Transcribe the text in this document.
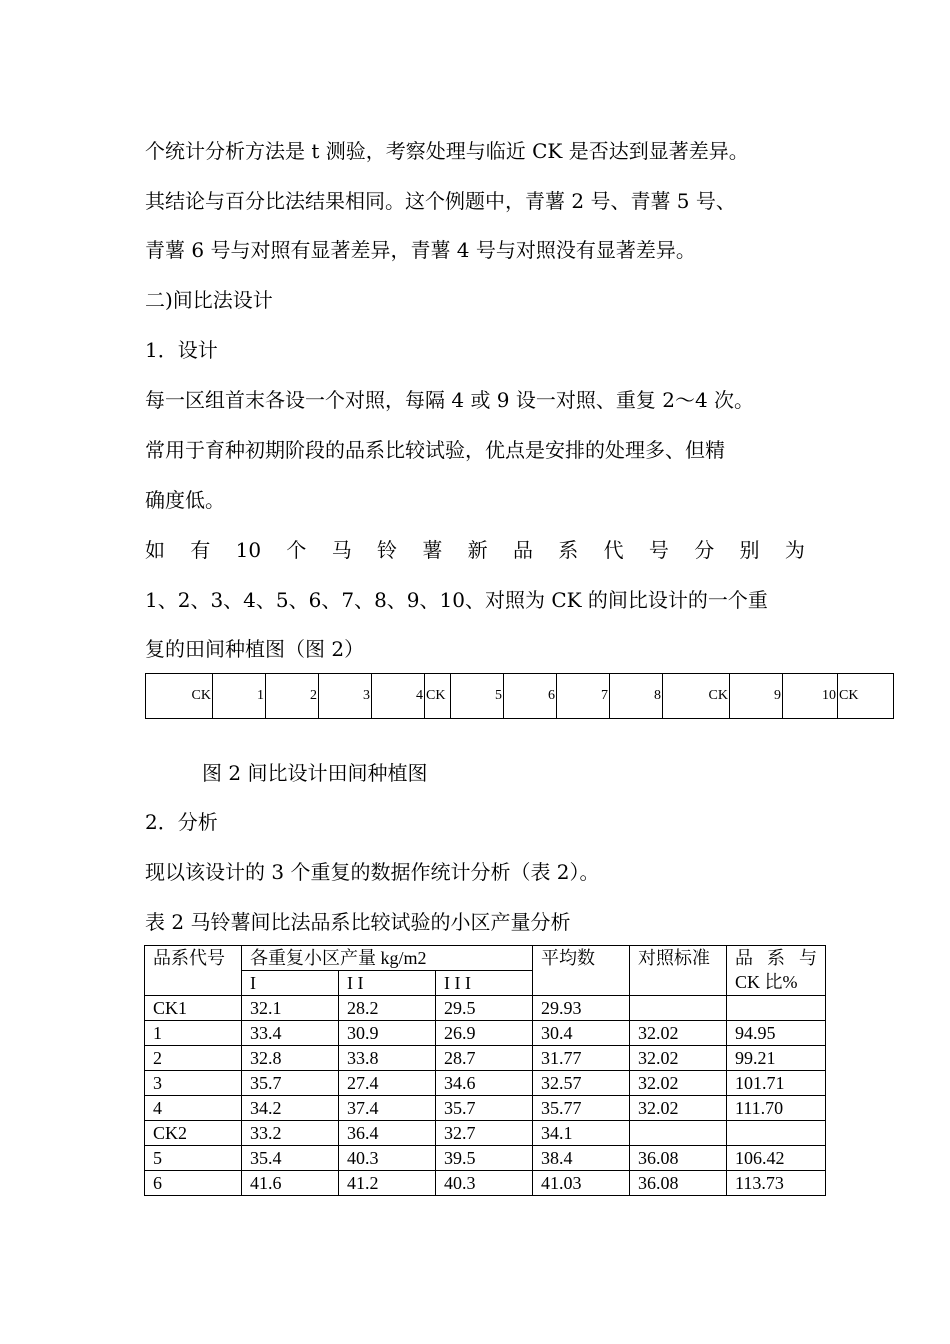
个统计分析方法是 t 测验，考察处理与临近 CK 是否达到显著差异。
其结论与百分比法结果相同。这个例题中，青薯 2 号、青薯 5 号、
青薯 6 号与对照有显著差异，青薯 4 号与对照没有显著差异。
二)间比法设计
1．设计
每一区组首末各设一个对照，每隔 4 或 9 设一对照、重复 2～4 次。
常用于育种初期阶段的品系比较试验，优点是安排的处理多、但精
确度低。
如 有 10 个 马 铃 薯 新 品 系 代 号 分 别 为
1、2、3、4、5、6、7、8、9、10、对照为 CK 的间比设计的一个重
复的田间种植图（图 2）
CK	1	2	3	4	CK	5	6	7	8	CK	9	10	CK
图 2 间比设计田间种植图
2．分析
现以该设计的 3 个重复的数据作统计分析（表 2）。
表 2 马铃薯间比法品系比较试验的小区产量分析
品系代号	各重复小区产量 kg/m2			平均数	对照标准	品 系 与
CK 比%

	I	I I	I I I			
CK1	32.1	28.2	29.5	29.93		
1	33.4	30.9	26.9	30.4	32.02	94.95
2	32.8	33.8	28.7	31.77	32.02	99.21
3	35.7	27.4	34.6	32.57	32.02	101.71
4	34.2	37.4	35.7	35.77	32.02	111.70
CK2	33.2	36.4	32.7	34.1		
5	35.4	40.3	39.5	38.4	36.08	106.42
6	41.6	41.2	40.3	41.03	36.08	113.73
